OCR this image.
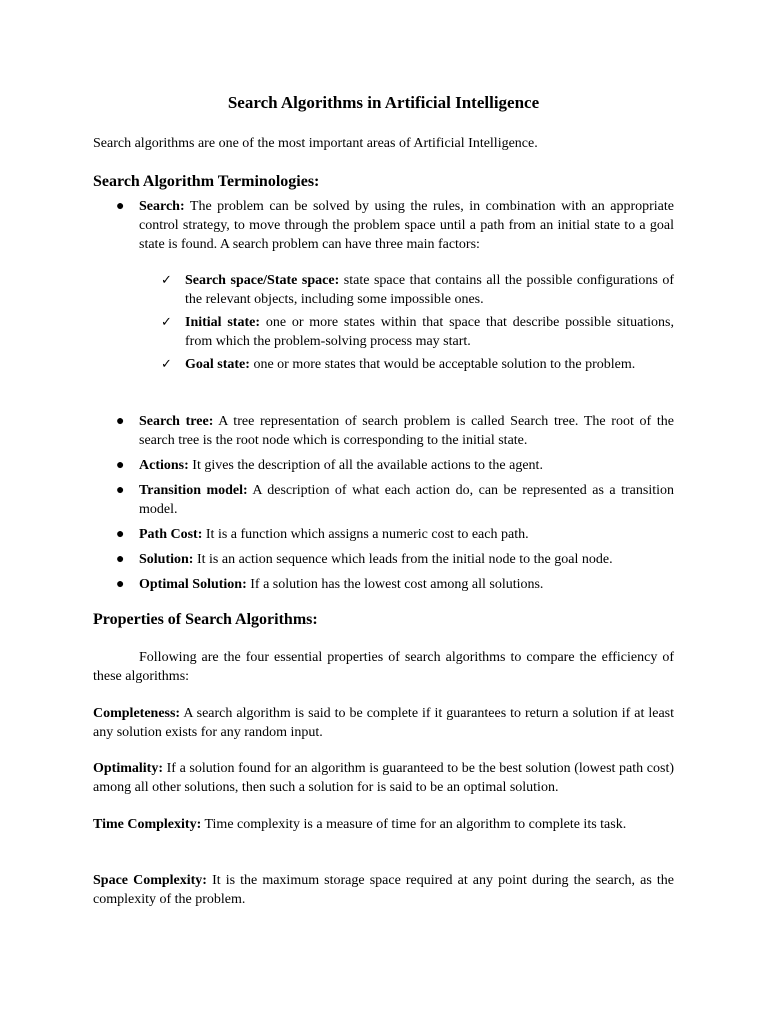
Search Algorithms in Artificial Intelligence

Search algorithms are one of the most important areas of Artificial Intelligence.

Search Algorithm Terminologies:
● Search: The problem can be solved by using the rules, in combination with an appropriate control strategy, to move through the problem space until a path from an initial state to a goal state is found. A search problem can have three main factors:
✓ Search space/State space: state space that contains all the possible configurations of the relevant objects, including some impossible ones.
✓ Initial state: one or more states within that space that describe possible situations, from which the problem-solving process may start.
✓ Goal state: one or more states that would be acceptable solution to the problem.
● Search tree: A tree representation of search problem is called Search tree. The root of the search tree is the root node which is corresponding to the initial state.
● Actions: It gives the description of all the available actions to the agent.
● Transition model: A description of what each action do, can be represented as a transition model.
● Path Cost: It is a function which assigns a numeric cost to each path.
● Solution: It is an action sequence which leads from the initial node to the goal node.
● Optimal Solution: If a solution has the lowest cost among all solutions.
Properties of Search Algorithms:

Following are the four essential properties of search algorithms to compare the efficiency of these algorithms:

Completeness: A search algorithm is said to be complete if it guarantees to return a solution if at least any solution exists for any random input.

Optimality: If a solution found for an algorithm is guaranteed to be the best solution (lowest path cost) among all other solutions, then such a solution for is said to be an optimal solution.

Time Complexity: Time complexity is a measure of time for an algorithm to complete its task.

Space Complexity: It is the maximum storage space required at any point during the search, as the complexity of the problem.
